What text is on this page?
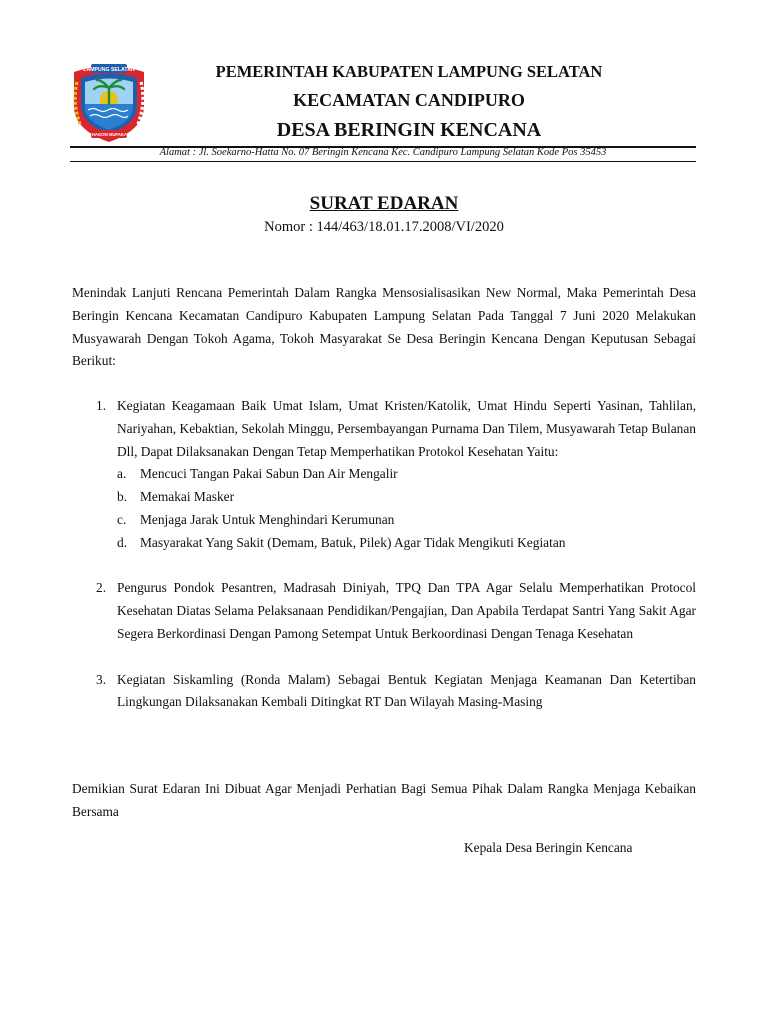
LAMPUNG SELATAN
KHAGOM MUFAKAT
PEMERINTAH KABUPATEN LAMPUNG SELATAN
KECAMATAN CANDIPURO
DESA BERINGIN KENCANA
Alamat : Jl. Soekarno-Hatta No. 07 Beringin Kencana Kec. Candipuro Lampung Selatan Kode Pos 35453
SURAT EDARAN
Nomor : 144/463/18.01.17.2008/VI/2020

Menindak Lanjuti Rencana Pemerintah Dalam Rangka Mensosialisasikan New Normal, Maka Pemerintah Desa Beringin Kencana Kecamatan Candipuro Kabupaten Lampung Selatan Pada Tanggal 7 Juni 2020 Melakukan Musyawarah Dengan Tokoh Agama, Tokoh Masyarakat Se Desa Beringin Kencana Dengan Keputusan Sebagai Berikut:

1. Kegiatan Keagamaan Baik Umat Islam, Umat Kristen/Katolik, Umat Hindu Seperti Yasinan, Tahlilan, Nariyahan, Kebaktian, Sekolah Minggu, Persembayangan Purnama Dan Tilem, Musyawarah Tetap Bulanan Dll, Dapat Dilaksanakan Dengan Tetap Memperhatikan Protokol Kesehatan Yaitu:
a. Mencuci Tangan Pakai Sabun Dan Air Mengalir
b. Memakai Masker
c. Menjaga Jarak Untuk Menghindari Kerumunan
d. Masyarakat Yang Sakit (Demam, Batuk, Pilek) Agar Tidak Mengikuti Kegiatan
2. Pengurus Pondok Pesantren, Madrasah Diniyah, TPQ Dan TPA Agar Selalu Memperhatikan Protocol Kesehatan Diatas Selama Pelaksanaan Pendidikan/Pengajian, Dan Apabila Terdapat Santri Yang Sakit Agar Segera Berkordinasi Dengan Pamong Setempat Untuk Berkoordinasi Dengan Tenaga Kesehatan
3. Kegiatan Siskamling (Ronda Malam) Sebagai Bentuk Kegiatan Menjaga Keamanan Dan Ketertiban Lingkungan Dilaksanakan Kembali Ditingkat RT Dan Wilayah Masing-Masing

Demikian Surat Edaran Ini Dibuat Agar Menjadi Perhatian Bagi Semua Pihak Dalam Rangka Menjaga Kebaikan Bersama

Kepala Desa Beringin Kencana
